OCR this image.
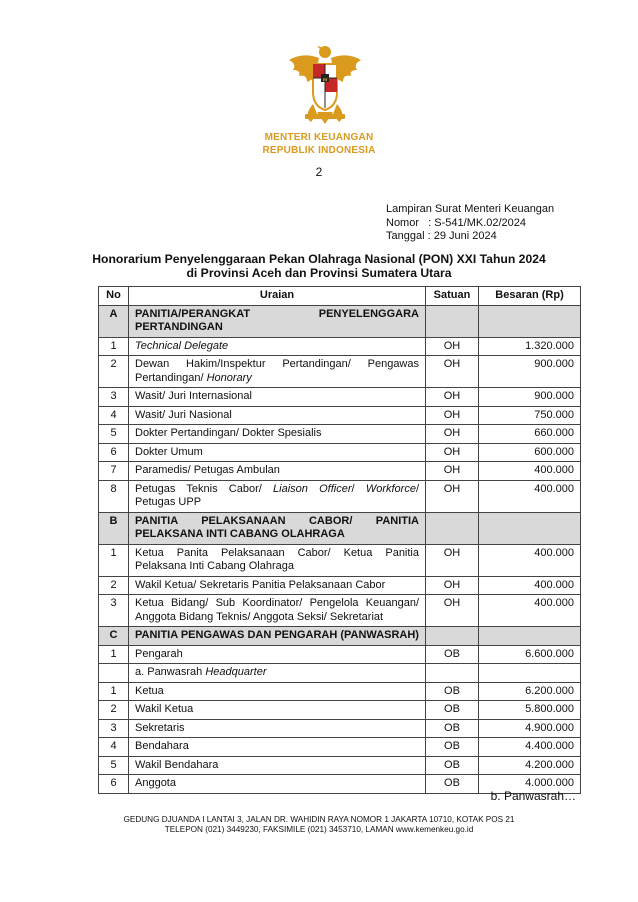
MENTERI KEUANGAN
REPUBLIK INDONESIA
2
Lampiran Surat Menteri Keuangan
Nomor   : S-541/MK.02/2024
Tanggal : 29 Juni 2024
Honorarium Penyelenggaraan Pekan Olahraga Nasional (PON) XXI Tahun 2024
di Provinsi Aceh dan Provinsi Sumatera Utara
No	Uraian	Satuan	Besaran (Rp)
A	PANITIA/PERANGKAT PENYELENGGARA PERTANDINGAN		
1	Technical Delegate	OH	1.320.000
2	Dewan Hakim/Inspektur Pertandingan/ Pengawas Pertandingan/ Honorary	OH	900.000
3	Wasit/ Juri Internasional	OH	900.000
4	Wasit/ Juri Nasional	OH	750.000
5	Dokter Pertandingan/ Dokter Spesialis	OH	660.000
6	Dokter Umum	OH	600.000
7	Paramedis/ Petugas Ambulan	OH	400.000
8	Petugas Teknis Cabor/ Liaison Officer/ Workforce/ Petugas UPP	OH	400.000
B	PANITIA PELAKSANAAN CABOR/ PANITIA PELAKSANA INTI CABANG OLAHRAGA		
1	Ketua Panita Pelaksanaan Cabor/ Ketua Panitia Pelaksana Inti Cabang Olahraga	OH	400.000
2	Wakil Ketua/ Sekretaris Panitia Pelaksanaan Cabor	OH	400.000
3	Ketua Bidang/ Sub Koordinator/ Pengelola Keuangan/ Anggota Bidang Teknis/ Anggota Seksi/ Sekretariat	OH	400.000
C	PANITIA PENGAWAS DAN PENGARAH (PANWASRAH)		
1	Pengarah	OB	6.600.000
	a. Panwasrah Headquarter		
1	Ketua	OB	6.200.000
2	Wakil Ketua	OB	5.800.000
3	Sekretaris	OB	4.900.000
4	Bendahara	OB	4.400.000
5	Wakil Bendahara	OB	4.200.000
6	Anggota	OB	4.000.000
b. Panwasrah…
GEDUNG DJUANDA I LANTAI 3, JALAN DR. WAHIDIN RAYA NOMOR 1 JAKARTA 10710, KOTAK POS 21
TELEPON (021) 3449230, FAKSIMILE (021) 3453710, LAMAN www.kemenkeu.go.id
